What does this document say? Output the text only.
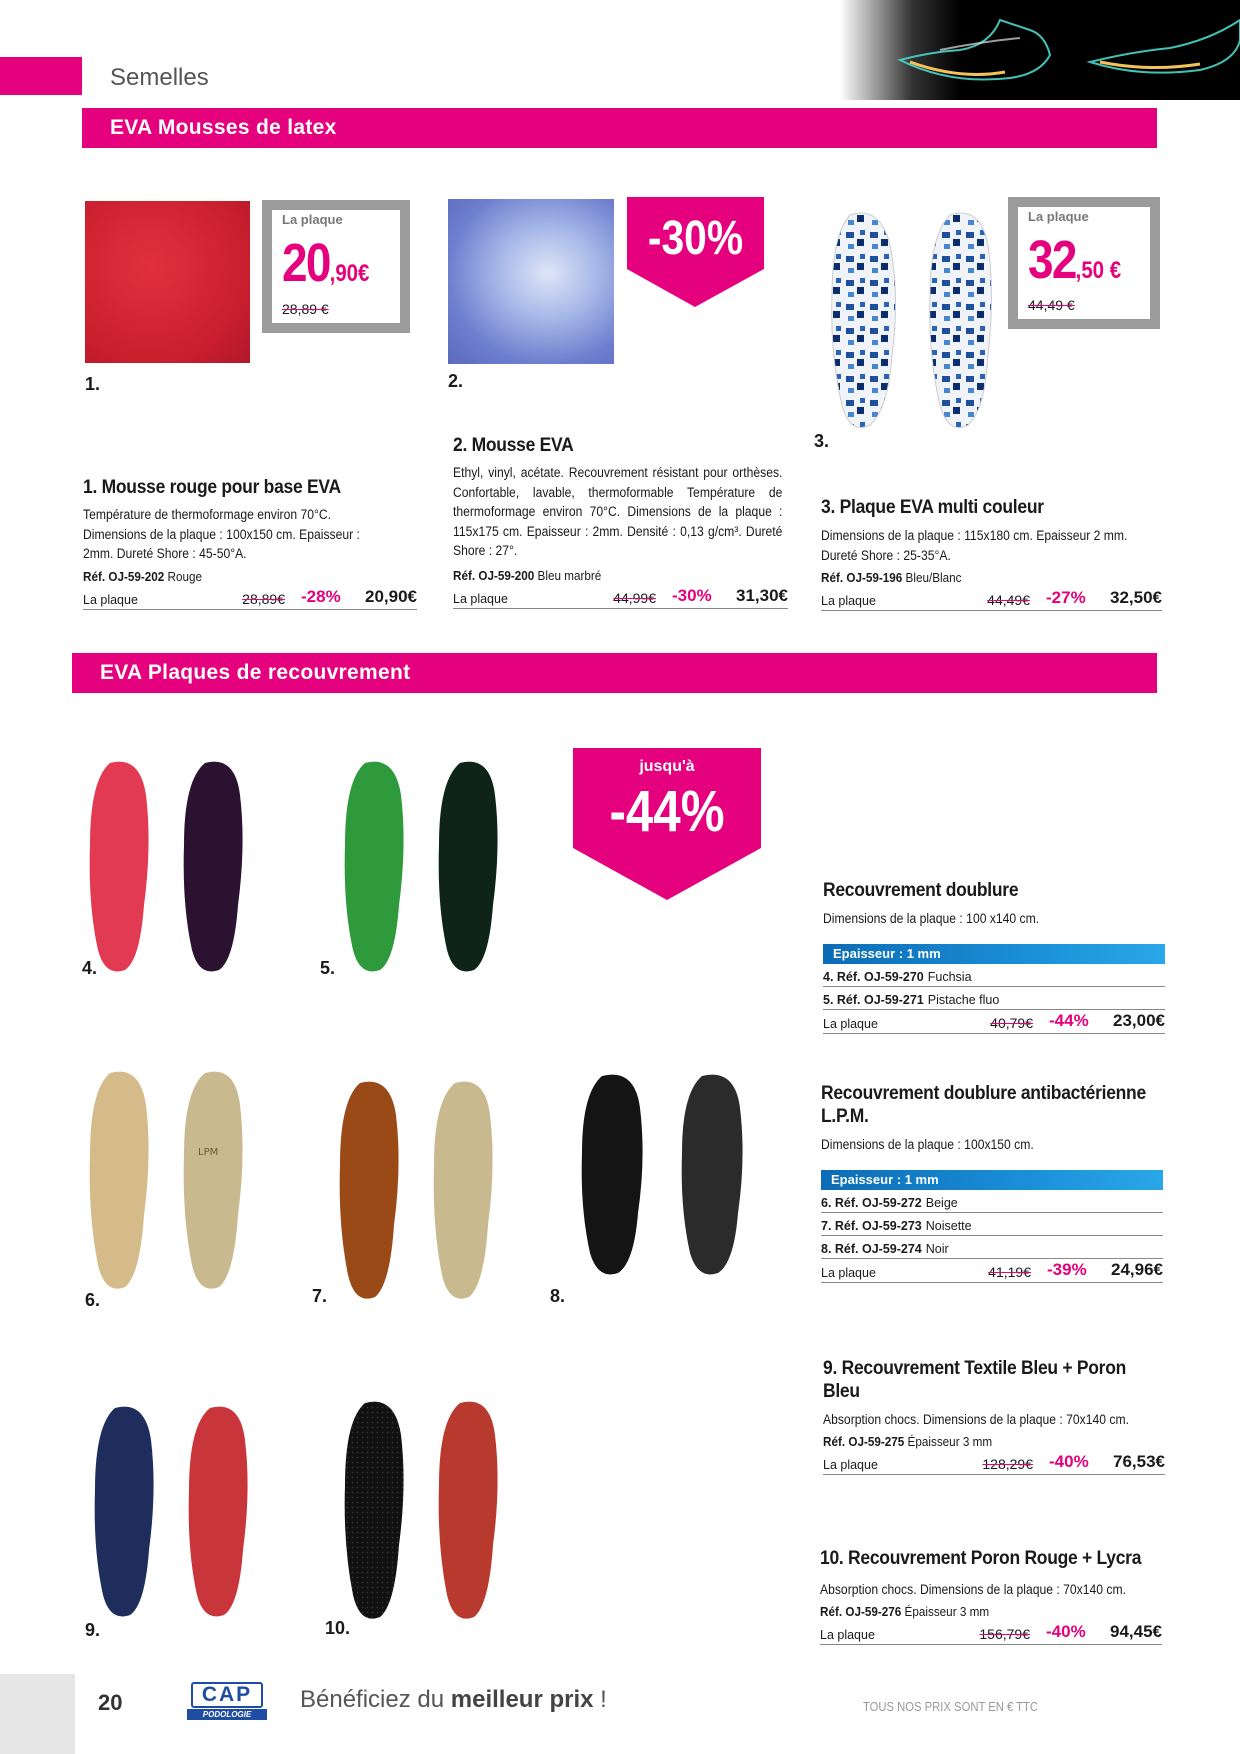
Semelles
EVA Mousses de latex
La plaque
20,90€
28,89 €
1.
1. Mousse rouge pour base EVA
Température de thermoformage environ 70°C. Dimensions de la plaque : 100x150 cm. Epaisseur : 2mm. Dureté Shore : 45-50°A.
Réf. OJ-59-202 Rouge
La plaque	28,89€ -28%	20,90€
-30%
2.
2. Mousse EVA
Ethyl, vinyl, acétate. Recouvrement résistant pour orthèses. Confortable, lavable, thermoformable Température de thermoformage environ 70°C. Dimensions de la plaque : 115x175 cm. Epaisseur : 2mm. Densité : 0,13 g/cm³. Dureté Shore : 27°.
Réf. OJ-59-200 Bleu marbré
La plaque	44,99€ -30%	31,30€
La plaque
32,50 €
44,49 €
3.
3. Plaque EVA multi couleur
Dimensions de la plaque : 115x180 cm. Epaisseur 2 mm. Dureté Shore : 25-35°A.
Réf. OJ-59-196 Bleu/Blanc
La plaque	44,49€ -27%	32,50€
EVA Plaques de recouvrement
4.	5.
jusqu'à
-44%
LPM
6.	7.	8.
9.	10.
Recouvrement doublure
Dimensions de la plaque : 100 x140 cm.
Epaisseur : 1 mm
4. Réf. OJ-59-270 Fuchsia
5. Réf. OJ-59-271 Pistache fluo
La plaque	40,79€ -44%	23,00€
Recouvrement doublure antibactérienne
L.P.M.
Dimensions de la plaque : 100x150 cm.
Epaisseur : 1 mm
6. Réf. OJ-59-272 Beige
7. Réf. OJ-59-273 Noisette
8. Réf. OJ-59-274 Noir
La plaque	41,19€ -39%	24,96€
9. Recouvrement Textile Bleu + Poron
Bleu
Absorption chocs. Dimensions de la plaque : 70x140 cm.
Réf. OJ-59-275 Épaisseur 3 mm
La plaque	128,29€ -40%	76,53€
10. Recouvrement Poron Rouge + Lycra
Absorption chocs. Dimensions de la plaque : 70x140 cm.
Réf. OJ-59-276 Épaisseur 3 mm
La plaque	156,79€ -40%	94,45€
20	CAP
PODOLOGIE
Bénéficiez du meilleur prix !	TOUS NOS PRIX SONT EN € TTC
